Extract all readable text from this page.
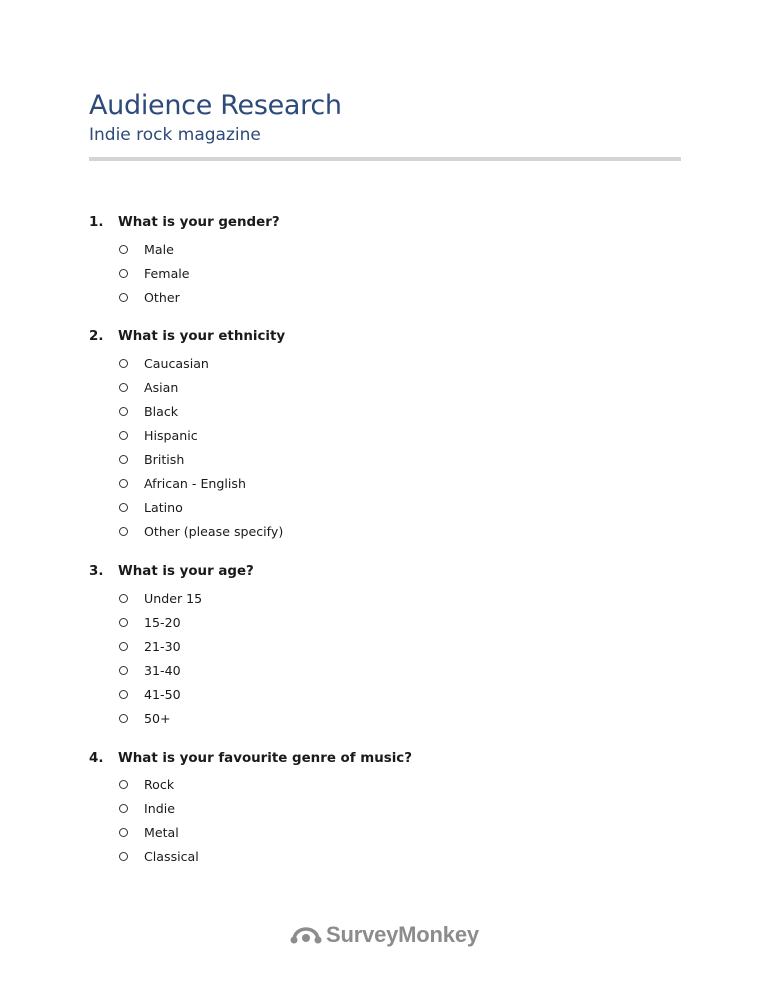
Audience Research
Indie rock magazine
1.	What is your gender?
Male
Female
Other
2.	What is your ethnicity
Caucasian
Asian
Black
Hispanic
British
African - English
Latino
Other (please specify)
3.	What is your age?
Under 15
15-20
21-30
31-40
41-50
50+
4.	What is your favourite genre of music?
Rock
Indie
Metal
Classical
SurveyMonkey
